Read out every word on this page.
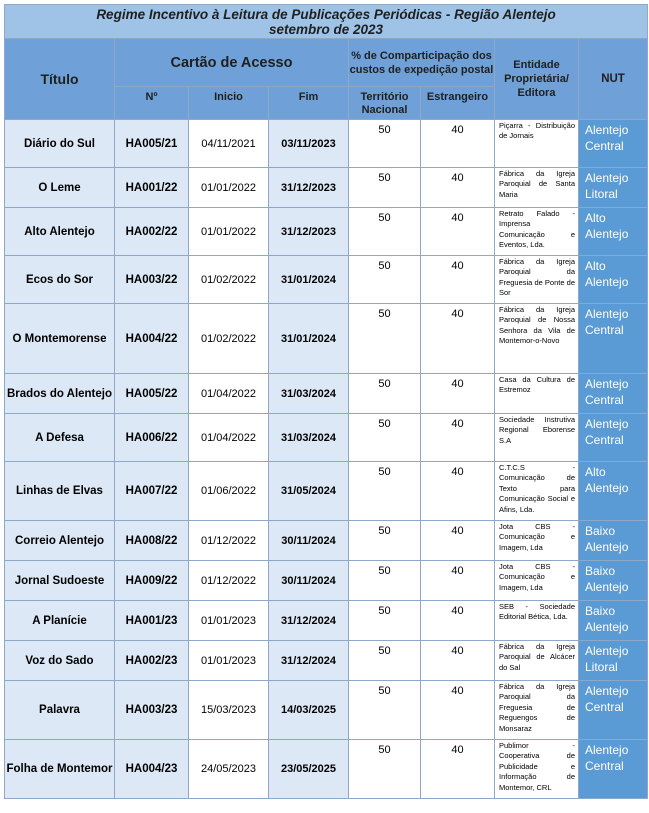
Regime Incentivo à Leitura de Publicações Periódicas - Região Alentejo
setembro de 2023							

Título	Cartão de Acesso			% de Comparticipação dos custos de expedição postal		Entidade Proprietária/ Editora	NUT
	Nº	Inicio	Fim	Território Nacional	Estrangeiro		
Diário do Sul	HA005/21	04/11/2021	03/11/2023	50	40	Piçarra - Distribuição de Jornais	Alentejo Central
O Leme	HA001/22	01/01/2022	31/12/2023	50	40	Fábrica da Igreja Paroquial de Santa Maria	Alentejo Litoral
Alto Alentejo	HA002/22	01/01/2022	31/12/2023	50	40	Retrato Falado - Imprensa Comunicação e Eventos, Lda.	Alto Alentejo
Ecos do Sor	HA003/22	01/02/2022	31/01/2024	50	40	Fábrica da Igreja Paroquial da Freguesia de Ponte de Sor	Alto Alentejo
O Montemorense	HA004/22	01/02/2022	31/01/2024	50	40	Fábrica da Igreja Paroquial de Nossa Senhora da Vila de Montemor-o-Novo	Alentejo Central
Brados do Alentejo	HA005/22	01/04/2022	31/03/2024	50	40	Casa da Cultura de Estremoz	Alentejo Central
A Defesa	HA006/22	01/04/2022	31/03/2024	50	40	Sociedade Instrutiva Regional Eborense S.A	Alentejo Central
Linhas de Elvas	HA007/22	01/06/2022	31/05/2024	50	40	C.T.C.S - Comunicação de Texto para Comunicação Social e Afins, Lda.	Alto Alentejo
Correio Alentejo	HA008/22	01/12/2022	30/11/2024	50	40	Jota CBS - Comunicação e Imagem, Lda	Baixo Alentejo
Jornal Sudoeste	HA009/22	01/12/2022	30/11/2024	50	40	Jota CBS - Comunicação e Imagem, Lda	Baixo Alentejo
A Planície	HA001/23	01/01/2023	31/12/2024	50	40	SEB - Sociedade Editorial Bética, Lda.	Baixo Alentejo
Voz do Sado	HA002/23	01/01/2023	31/12/2024	50	40	Fábrica da Igreja Paroquial de Alcácer do Sal	Alentejo Litoral
Palavra	HA003/23	15/03/2023	14/03/2025	50	40	Fábrica da Igreja Paroquial da Freguesia de Reguengos de Monsaraz	Alentejo Central
Folha de Montemor	HA004/23	24/05/2023	23/05/2025	50	40	Publimor - Cooperativa de Publicidade e Informação de Montemor, CRL	Alentejo Central
